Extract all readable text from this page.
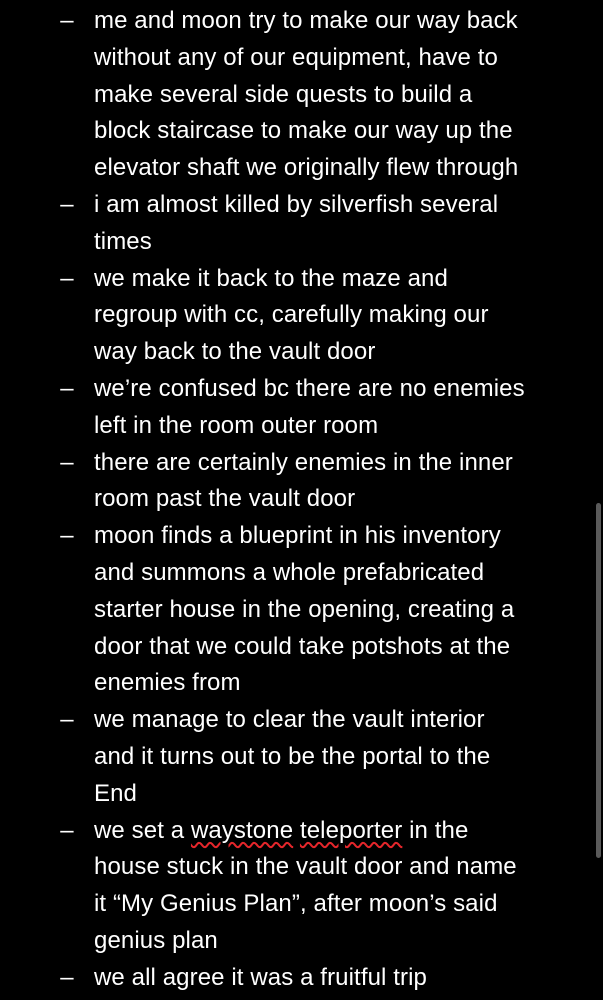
– me and moon try to make our way back
without any of our equipment, have to
make several side quests to build a
block staircase to make our way up the
elevator shaft we originally flew through
– i am almost killed by silverfish several
times
– we make it back to the maze and
regroup with cc, carefully making our
way back to the vault door
– we’re confused bc there are no enemies
left in the room outer room
– there are certainly enemies in the inner
room past the vault door
– moon finds a blueprint in his inventory
and summons a whole prefabricated
starter house in the opening, creating a
door that we could take potshots at the
enemies from
– we manage to clear the vault interior
and it turns out to be the portal to the
End
– we set a waystone teleporter in the
house stuck in the vault door and name
it “My Genius Plan”, after moon’s said
genius plan
– we all agree it was a fruitful trip
